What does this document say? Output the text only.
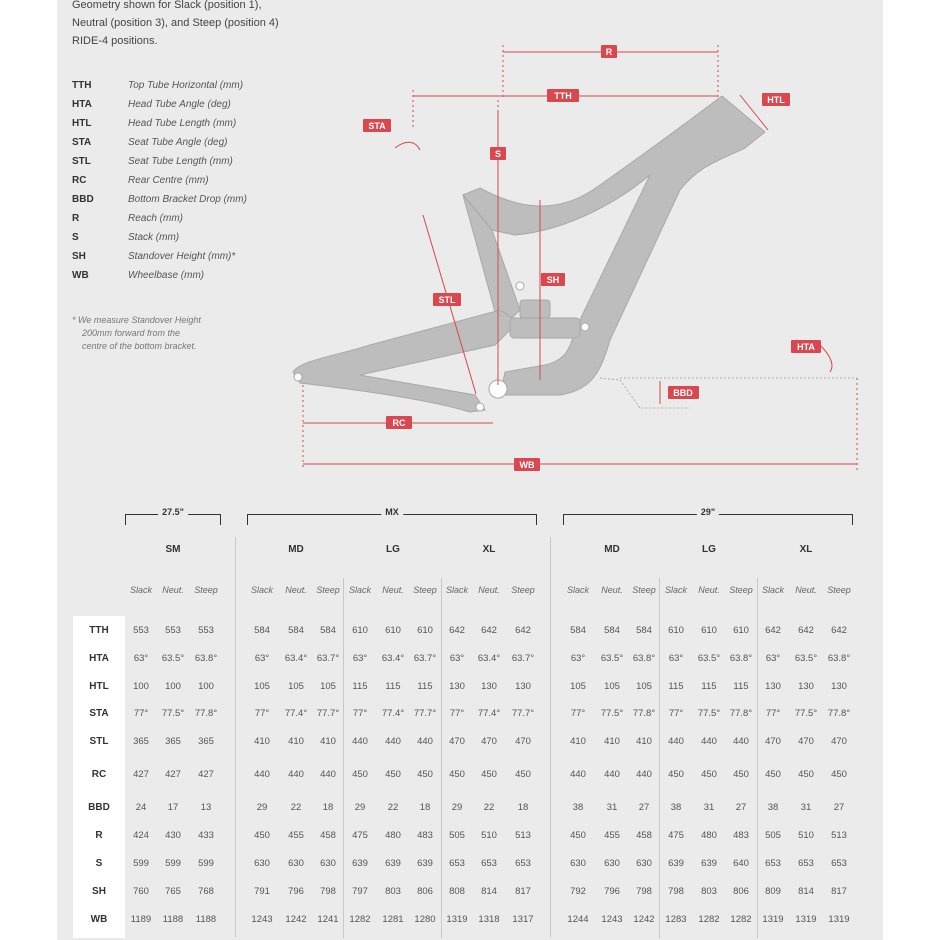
Geometry shown for Slack (position 1),
Neutral (position 3), and Steep (position 4)
RIDE-4 positions.
TTH	Top Tube Horizontal (mm)
HTA	Head Tube Angle (deg)
HTL	Head Tube Length (mm)
STA	Seat Tube Angle (deg)
STL	Seat Tube Length (mm)
RC	Rear Centre (mm)
BBD	Bottom Bracket Drop (mm)
R	Reach (mm)
S	Stack (mm)
SH	Standover Height (mm)*
WB	Wheelbase (mm)
* We measure Standover Height
200mm forward from the
centre of the bottom bracket.
R
TTH	HTL
STA
S
SH
STL
HTA
BBD
RC
WB
27.5"	MX	29"
SM	MD	LG	XL	MD	LG	XL
Slack	Neut.	Steep	Slack	Neut.	Steep	Slack	Neut.	Steep	Slack	Neut.	Steep	Slack	Neut.	Steep	Slack	Neut.	Steep	Slack	Neut.	Steep
TTH	553	553	553	584	584	584	610	610	610	642	642	642	584	584	584	610	610	610	642	642	642
HTA	63°	63.5°	63.8°	63°	63.4°	63.7°	63°	63.4°	63.7°	63°	63.4°	63.7°	63°	63.5°	63.8°	63°	63.5°	63.8°	63°	63.5°	63.8°
HTL	100	100	100	105	105	105	115	115	115	130	130	130	105	105	105	115	115	115	130	130	130
STA	77°	77.5°	77.8°	77°	77.4°	77.7°	77°	77.4°	77.7°	77°	77.4°	77.7°	77°	77.5°	77.8°	77°	77.5°	77.8°	77°	77.5°	77.8°
STL	365	365	365	410	410	410	440	440	440	470	470	470	410	410	410	440	440	440	470	470	470
RC	427	427	427	440	440	440	450	450	450	450	450	450	440	440	440	450	450	450	450	450	450
BBD	24	17	13	29	22	18	29	22	18	29	22	18	38	31	27	38	31	27	38	31	27
R	424	430	433	450	455	458	475	480	483	505	510	513	450	455	458	475	480	483	505	510	513
S	599	599	599	630	630	630	639	639	639	653	653	653	630	630	630	639	639	640	653	653	653
SH	760	765	768	791	796	798	797	803	806	808	814	817	792	796	798	798	803	806	809	814	817
WB	1189	1188	1188	1243	1242	1241	1282	1281	1280	1319	1318	1317	1244	1243	1242	1283	1282	1282	1319	1319	1319
